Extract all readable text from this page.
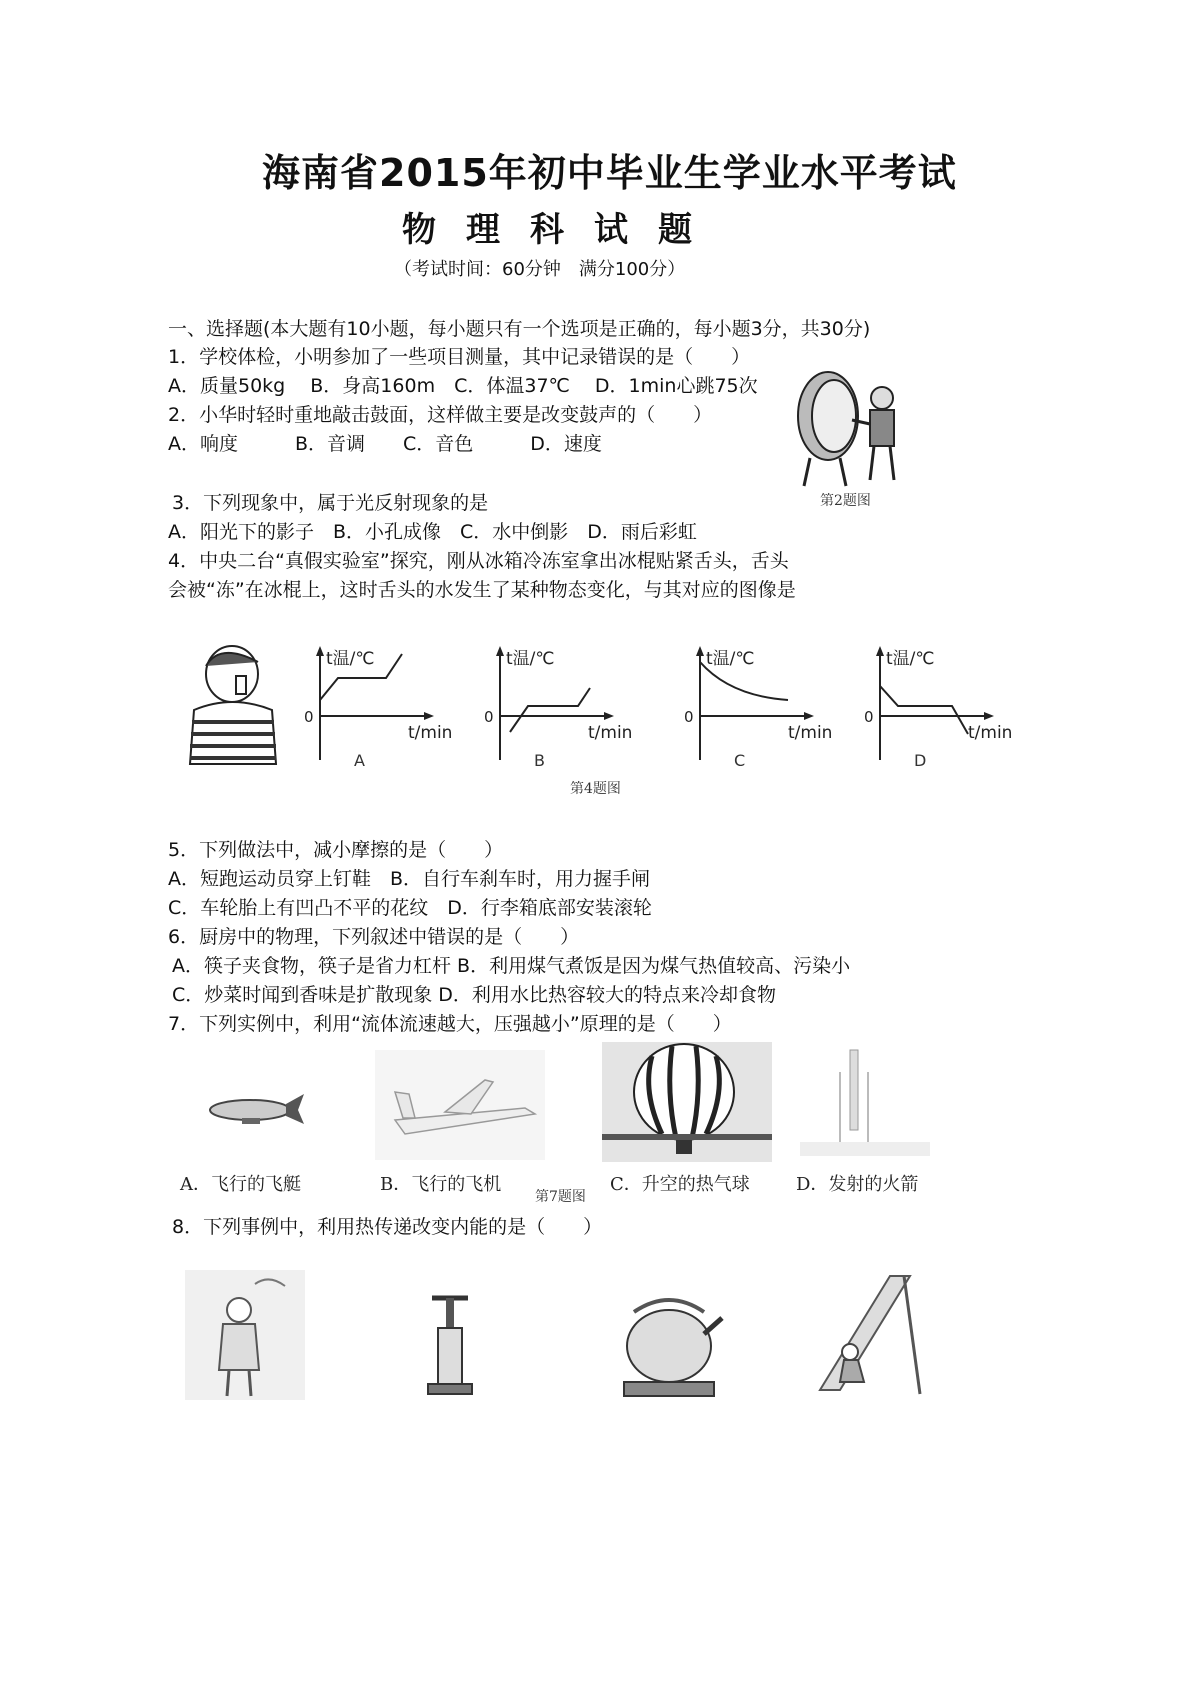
海南省2015年初中毕业生学业水平考试
物理科试题
（考试时间：60分钟　满分100分）
一、选择题(本大题有10小题，每小题只有一个选项是正确的，每小题3分，共30分)
1．学校体检，小明参加了一些项目测量，其中记录错误的是（　　）
A．质量50kg　 B．身高160m　C．体温37℃　 D．1min心跳75次
2．小华时轻时重地敲击鼓面，这样做主要是改变鼓声的（　　）
A．响度　　　B．音调　　C．音色　　　D．速度
第2题图
3．下列现象中，属于光反射现象的是
A．阳光下的影子　B．小孔成像　C．水中倒影　D．雨后彩虹
4．中央二台“真假实验室”探究，刚从冰箱冷冻室拿出冰棍贴紧舌头，舌头
会被“冻”在冰棍上，这时舌头的水发生了某种物态变化，与其对应的图像是
t温/℃
t/min
0
A
t温/℃
t/min
0
B
t温/℃
t/min
0
C
t温/℃
t/min
0
D
第4题图
5．下列做法中，减小摩擦的是（　　）
A．短跑运动员穿上钉鞋　B．自行车刹车时，用力握手闸
C．车轮胎上有凹凸不平的花纹　D．行李箱底部安装滚轮
6．厨房中的物理，下列叙述中错误的是（　　）
A．筷子夹食物，筷子是省力杠杆 B．利用煤气煮饭是因为煤气热值较高、污染小
C．炒菜时闻到香味是扩散现象 D．利用水比热容较大的特点来冷却食物
7．下列实例中，利用“流体流速越大，压强越小”原理的是（　　）
A．飞行的飞艇	B．飞行的飞机
第7题图
C．升空的热气球	D．发射的火箭
8．下列事例中，利用热传递改变内能的是（　　）
